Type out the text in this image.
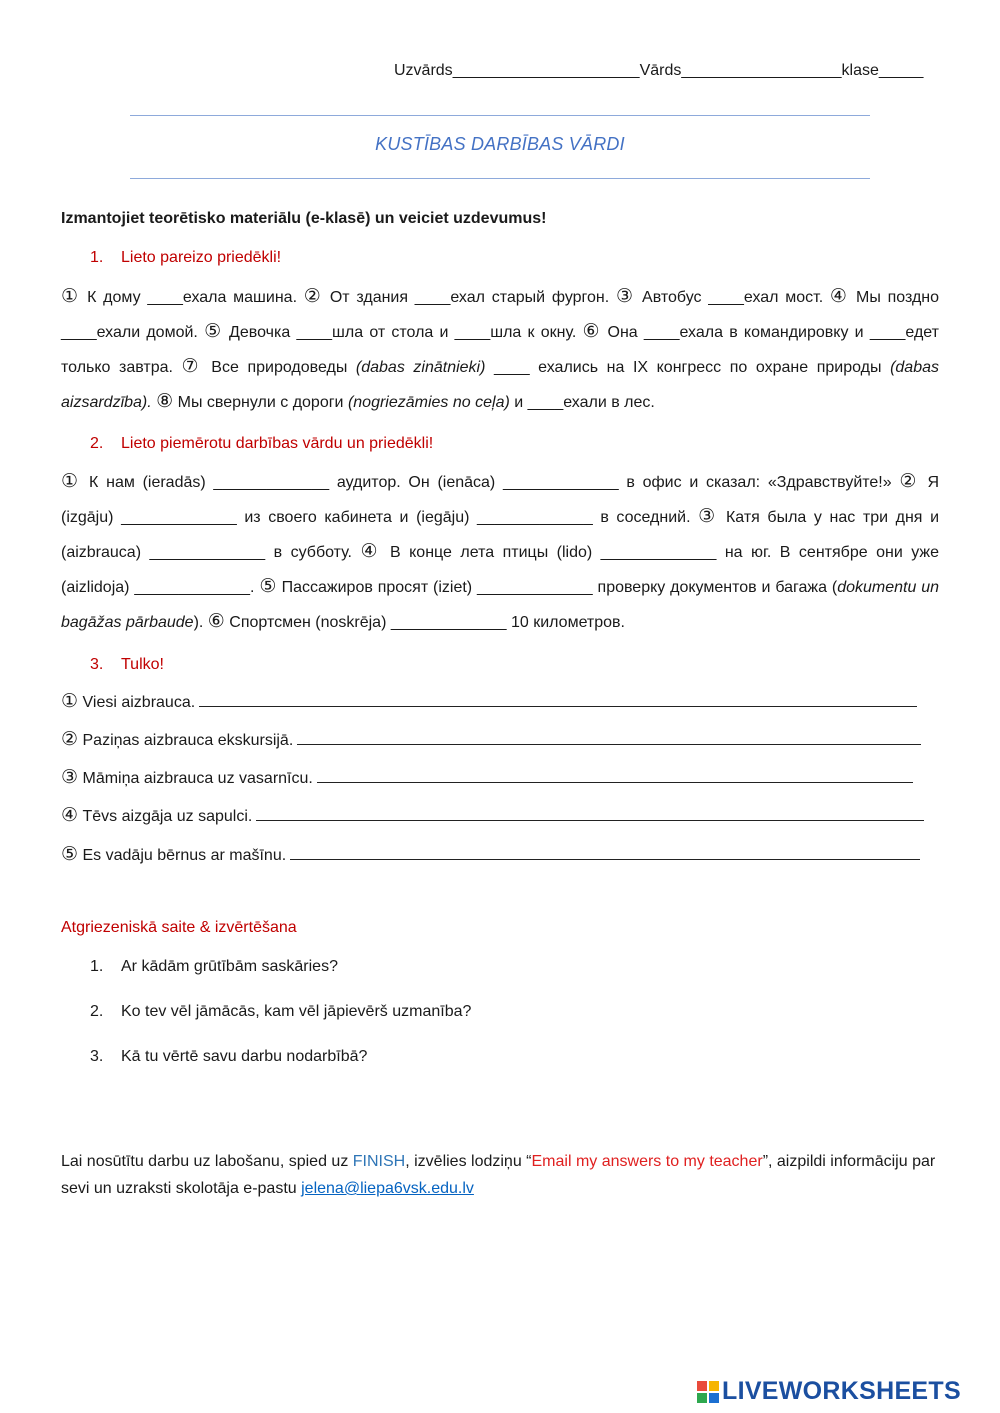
Uzvārds_____________________Vārds__________________klase_____
KUSTĪBAS DARBĪBAS VĀRDI
Izmantojiet teorētisko materiālu (e-klasē) un veiciet uzdevumus!
1. Lieto pareizo priedēkli!
① К дому ____ехала машина. ② От здания ____ехал старый фургон. ③ Автобус ____ехал мост. ④ Мы поздно ____ехали домой. ⑤ Девочка ____шла от стола и ____шла к окну. ⑥ Она ____ехала в командировку и ____едет только завтра. ⑦ Все природоведы (dabas zinātnieki) ____ ехались на IX конгресс по охране природы (dabas aizsardzība). ⑧ Мы свернули с дороги (nogriezāmies no ceļa) и ____ехали в лес.
2. Lieto piemērotu darbības vārdu un priedēkli!
① К нам (ieradās) _____________ аудитор. Он (ienāca) _____________ в офис и сказал: «Здравствуйте!» ② Я (izgāju) _____________ из своего кабинета и (iegāju) _____________ в соседний. ③ Катя была у нас три дня и (aizbrauca) _____________ в субботу. ④ В конце лета птицы (lido) _____________ на юг. В сентябре они уже (aizlidoja) _____________. ⑤ Пассажиров просят (iziet) _____________ проверку документов и багажа (dokumentu un bagāžas pārbaude). ⑥ Спортсмен (noskrēja) _____________ 10 километров.
3. Tulko!
①
Viesi aizbrauca.
②
Paziņas aizbrauca ekskursijā.
③
Māmiņa aizbrauca uz vasarnīcu.
④
Tēvs aizgāja uz sapulci.
⑤
Es vadāju bērnus ar mašīnu.
Atgriezeniskā saite & izvērtēšana
1. Ar kādām grūtībām saskāries?
2. Ko tev vēl jāmācās, kam vēl jāpievērš uzmanība?
3. Kā tu vērtē savu darbu nodarbībā?
Lai nosūtītu darbu uz labošanu, spied uz FINISH, izvēlies lodziņu “Email my answers to my teacher”, aizpildi informāciju par sevi un uzraksti skolotāja e-pastu jelena@liepa6vsk.edu.lv
LIVEWORKSHEETS
